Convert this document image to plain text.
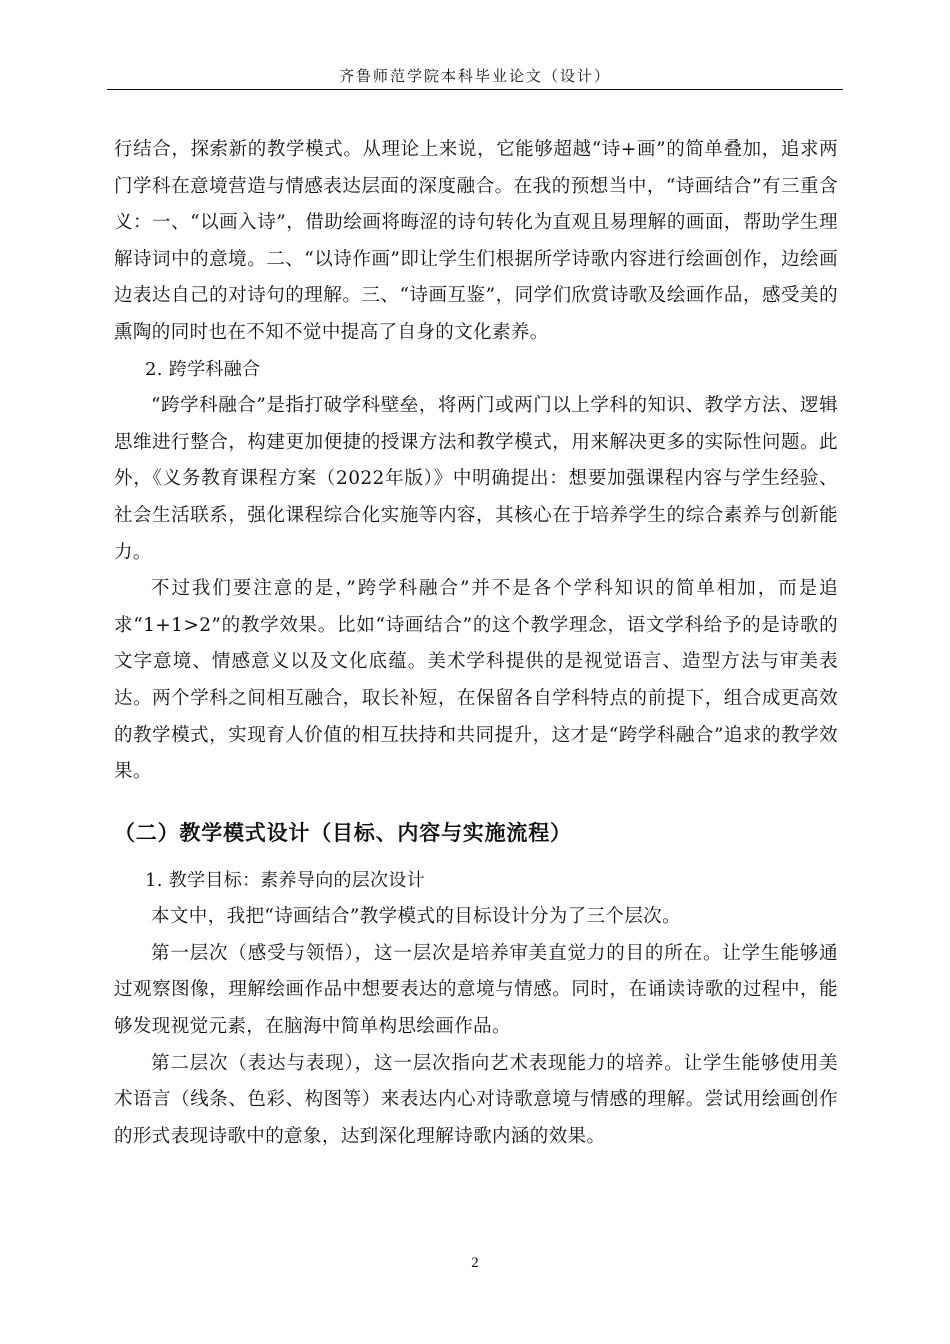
齐鲁师范学院本科毕业论文（设计）

行结合，探索新的教学模式。从理论上来说，它能够超越“诗+画”的简单叠加，追求两门学科在意境营造与情感表达层面的深度融合。在我的预想当中，“诗画结合”有三重含义：一、“以画入诗”，借助绘画将晦涩的诗句转化为直观且易理解的画面，帮助学生理解诗词中的意境。二、“以诗作画”即让学生们根据所学诗歌内容进行绘画创作，边绘画边表达自己的对诗句的理解。三、“诗画互鉴”，同学们欣赏诗歌及绘画作品，感受美的熏陶的同时也在不知不觉中提高了自身的文化素养。

2. 跨学科融合

“跨学科融合”是指打破学科壁垒，将两门或两门以上学科的知识、教学方法、逻辑思维进行整合，构建更加便捷的授课方法和教学模式，用来解决更多的实际性问题。此外，《义务教育课程方案（2022年版）》中明确提出：想要加强课程内容与学生经验、社会生活联系，强化课程综合化实施等内容，其核心在于培养学生的综合素养与创新能力。

不过我们要注意的是，”跨学科融合”并不是各个学科知识的简单相加，而是追求“1+1>2”的教学效果。比如“诗画结合”的这个教学理念，语文学科给予的是诗歌的文字意境、情感意义以及文化底蕴。美术学科提供的是视觉语言、造型方法与审美表达。两个学科之间相互融合，取长补短，在保留各自学科特点的前提下，组合成更高效的教学模式，实现育人价值的相互扶持和共同提升，这才是“跨学科融合”追求的教学效果。

（二）教学模式设计（目标、内容与实施流程）

1. 教学目标：素养导向的层次设计

本文中，我把“诗画结合”教学模式的目标设计分为了三个层次。

第一层次（感受与领悟），这一层次是培养审美直觉力的目的所在。让学生能够通过观察图像，理解绘画作品中想要表达的意境与情感。同时，在诵读诗歌的过程中，能够发现视觉元素，在脑海中简单构思绘画作品。

第二层次（表达与表现），这一层次指向艺术表现能力的培养。让学生能够使用美术语言（线条、色彩、构图等）来表达内心对诗歌意境与情感的理解。尝试用绘画创作的形式表现诗歌中的意象，达到深化理解诗歌内涵的效果。

2
